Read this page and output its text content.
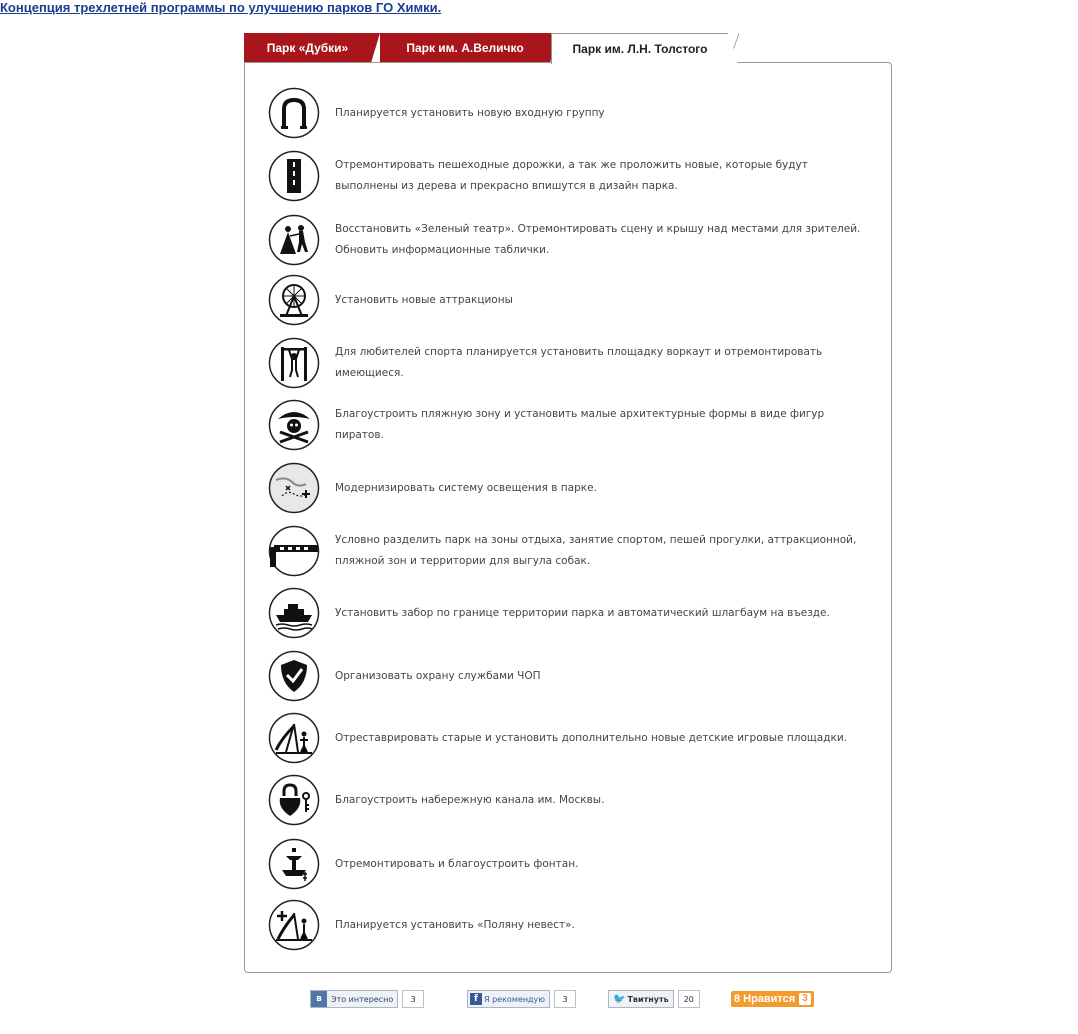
Концепция трехлетней программы по улучшению парков ГО Химки.
Парк «Дубки»	Парк им. А.Величко	Парк им. Л.Н. Толстого
Планируется установить новую входную группу
Отремонтировать пешеходные дорожки, а так же проложить новые, которые будут выполнены из дерева и прекрасно впишутся в дизайн парка.
Восстановить «Зеленый театр». Отремонтировать сцену и крышу над местами для зрителей. Обновить информационные таблички.
Установить новые аттракционы
Для любителей спорта планируется установить площадку воркаут и отремонтировать имеющиеся.
Благоустроить пляжную зону и установить малые архитектурные формы в виде фигур пиратов.
Модернизировать систему освещения в парке.
Условно разделить парк на зоны отдыха, занятие спортом, пешей прогулки, аттракционной, пляжной зон и территории для выгула собак.
Установить забор по границе территории парка и автоматический шлагбаум на въезде.
Организовать охрану службами ЧОП
Отреставрировать старые и установить дополнительно новые детские игровые площадки.
Благоустроить набережную канала им. Москвы.
Отремонтировать и благоустроить фонтан.
Планируется установить «Поляну невест».
в	Это интересно	3	f Я рекомендую	3	🐦 Твитнуть	20	8 Нравится 3
